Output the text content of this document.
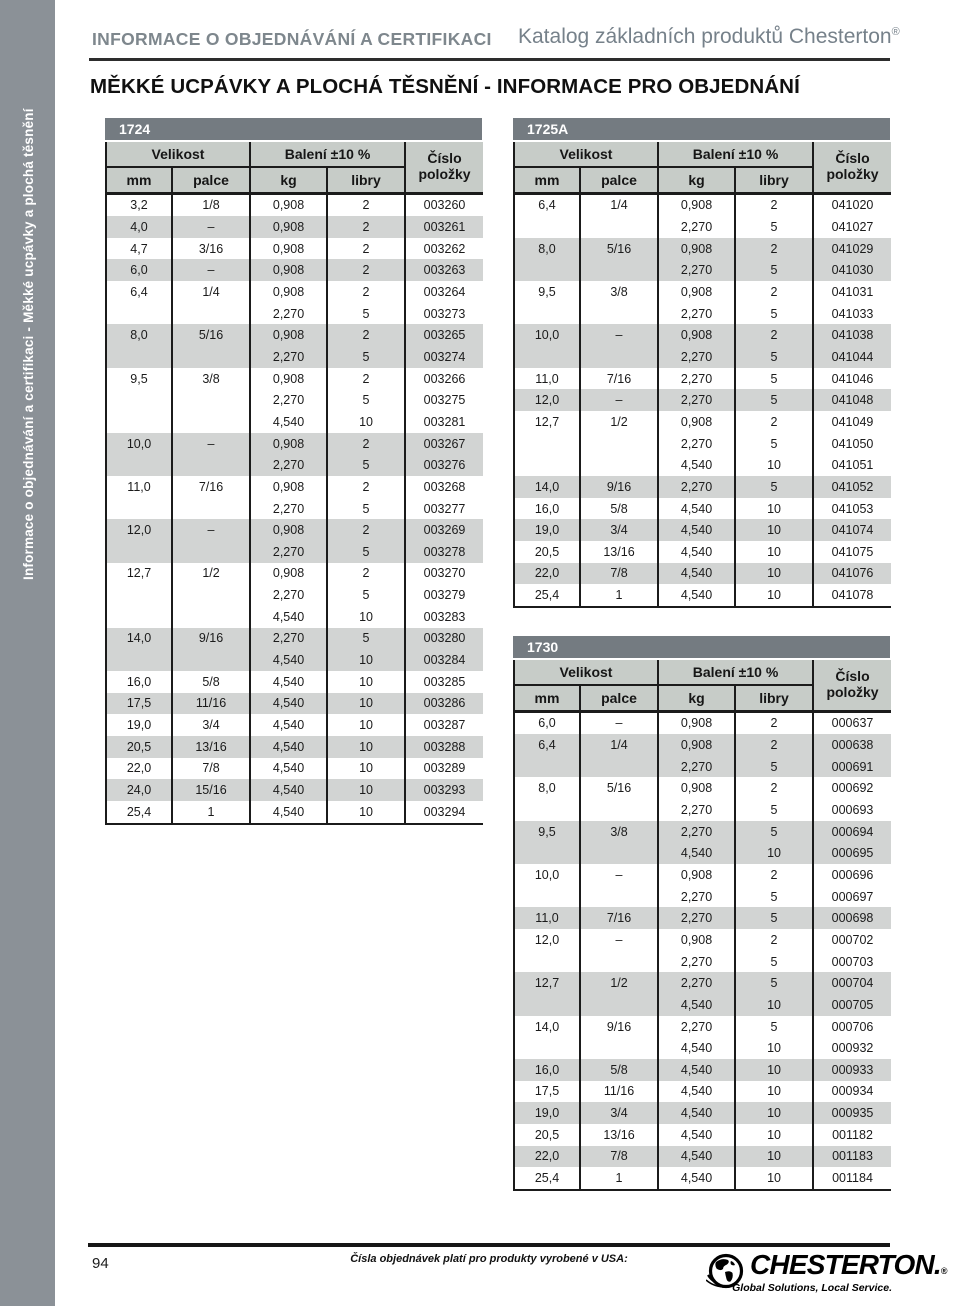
Informace o objednávání a certifikaci - Měkké ucpávky a plochá těsnění
INFORMACE O OBJEDNÁVÁNÍ A CERTIFIKACI Katalog základních produktů Chesterton®
MĚKKÉ UCPÁVKY A PLOCHÁ TĚSNĚNÍ - INFORMACE PRO OBJEDNÁNÍ
1724
Velikost		Balení ±10 %		Číslo
položky
mm	palce	kg	libry	
3,2	1/8	0,908	2	003260
4,0	–	0,908	2	003261
4,7	3/16	0,908	2	003262
6,0	–	0,908	2	003263
6,4	1/4	0,908	2	003264
		2,270	5	003273
8,0	5/16	0,908	2	003265
		2,270	5	003274
9,5	3/8	0,908	2	003266
		2,270	5	003275
		4,540	10	003281
10,0	–	0,908	2	003267
		2,270	5	003276
11,0	7/16	0,908	2	003268
		2,270	5	003277
12,0	–	0,908	2	003269
		2,270	5	003278
12,7	1/2	0,908	2	003270
		2,270	5	003279
		4,540	10	003283
14,0	9/16	2,270	5	003280
		4,540	10	003284
16,0	5/8	4,540	10	003285
17,5	11/16	4,540	10	003286
19,0	3/4	4,540	10	003287
20,5	13/16	4,540	10	003288
22,0	7/8	4,540	10	003289
24,0	15/16	4,540	10	003293
25,4	1	4,540	10	003294
1725A
Velikost		Balení ±10 %		Číslo
položky
mm	palce	kg	libry	
6,4	1/4	0,908	2	041020
		2,270	5	041027
8,0	5/16	0,908	2	041029
		2,270	5	041030
9,5	3/8	0,908	2	041031
		2,270	5	041033
10,0	–	0,908	2	041038
		2,270	5	041044
11,0	7/16	2,270	5	041046
12,0	–	2,270	5	041048
12,7	1/2	0,908	2	041049
		2,270	5	041050
		4,540	10	041051
14,0	9/16	2,270	5	041052
16,0	5/8	4,540	10	041053
19,0	3/4	4,540	10	041074
20,5	13/16	4,540	10	041075
22,0	7/8	4,540	10	041076
25,4	1	4,540	10	041078
1730
Velikost		Balení ±10 %		Číslo
položky
mm	palce	kg	libry	
6,0	–	0,908	2	000637
6,4	1/4	0,908	2	000638
		2,270	5	000691
8,0	5/16	0,908	2	000692
		2,270	5	000693
9,5	3/8	2,270	5	000694
		4,540	10	000695
10,0	–	0,908	2	000696
		2,270	5	000697
11,0	7/16	2,270	5	000698
12,0	–	0,908	2	000702
		2,270	5	000703
12,7	1/2	2,270	5	000704
		4,540	10	000705
14,0	9/16	2,270	5	000706
		4,540	10	000932
16,0	5/8	4,540	10	000933
17,5	11/16	4,540	10	000934
19,0	3/4	4,540	10	000935
20,5	13/16	4,540	10	001182
22,0	7/8	4,540	10	001183
25,4	1	4,540	10	001184
94	Čísla objednávek platí pro produkty vyrobené v USA:	CHESTERTON.®
Global Solutions, Local Service.
